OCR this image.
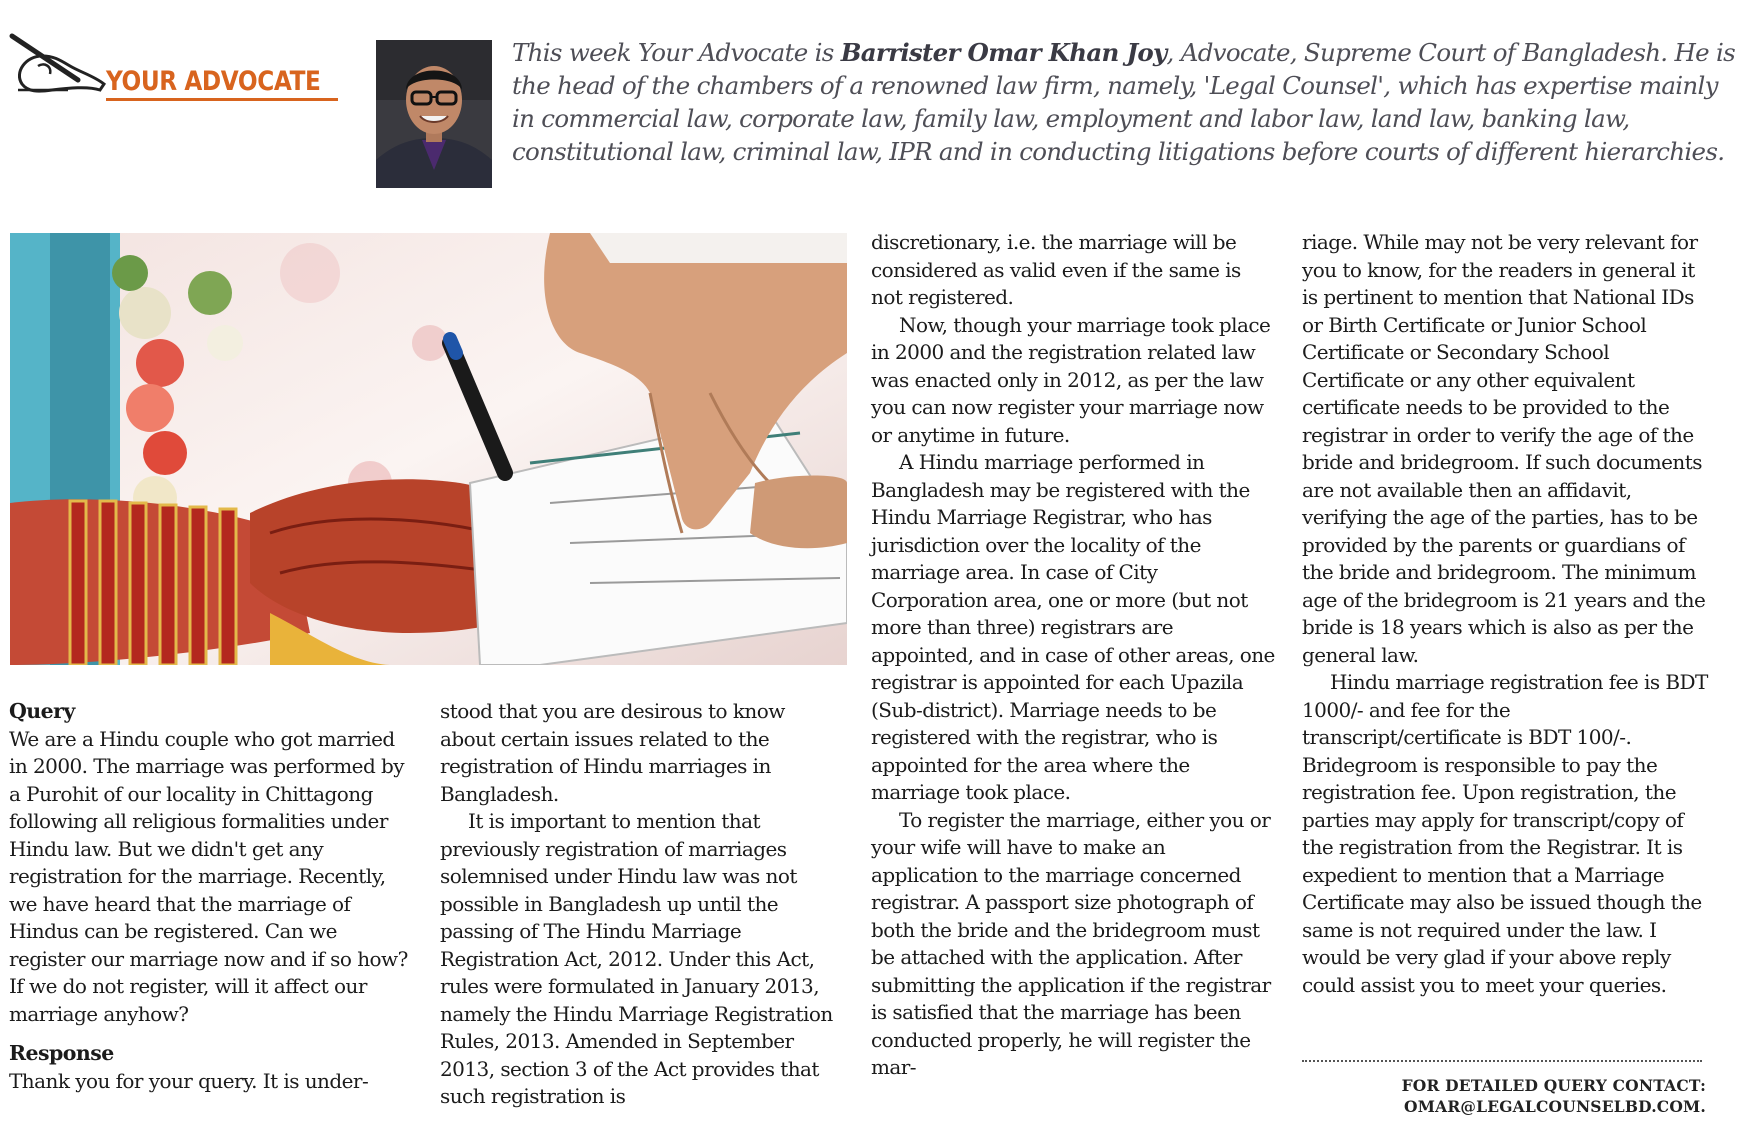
YOUR ADVOCATE
This week Your Advocate is Barrister Omar Khan Joy, Advocate, Supreme Court of Bangladesh. He is the head of the chambers of a renowned law firm, namely, 'Legal Counsel', which has expertise mainly in commercial law, corporate law, family law, employment and labor law, land law, banking law, constitutional law, criminal law, IPR and in conducting litigations before courts of different hierarchies.

Query

We are a Hindu couple who got married in 2000. The marriage was performed by a Purohit of our locality in Chittagong following all religious formalities under Hindu law. But we didn't get any registration for the marriage. Recently, we have heard that the marriage of Hindus can be registered. Can we register our marriage now and if so how? If we do not register, will it affect our marriage anyhow?

Response

Thank you for your query. It is under-

stood that you are desirous to know about certain issues related to the registration of Hindu marriages in Bangladesh.

It is important to mention that previously registration of marriages solemnised under Hindu law was not possible in Bangladesh up until the passing of The Hindu Marriage Registration Act, 2012. Under this Act, rules were formulated in January 2013, namely the Hindu Marriage Registration Rules, 2013. Amended in September 2013, section 3 of the Act provides that such registration is

discretionary, i.e. the marriage will be considered as valid even if the same is not registered.

Now, though your marriage took place in 2000 and the registration related law was enacted only in 2012, as per the law you can now register your marriage now or anytime in future.

A Hindu marriage performed in Bangladesh may be registered with the Hindu Marriage Registrar, who has jurisdiction over the locality of the marriage area. In case of City Corporation area, one or more (but not more than three) registrars are appointed, and in case of other areas, one registrar is appointed for each Upazila (Sub-district). Marriage needs to be registered with the registrar, who is appointed for the area where the marriage took place.

To register the marriage, either you or your wife will have to make an application to the marriage concerned registrar. A passport size photograph of both the bride and the bridegroom must be attached with the application. After submitting the application if the registrar is satisfied that the marriage has been conducted properly, he will register the mar-

riage. While may not be very relevant for you to know, for the readers in general it is pertinent to mention that National IDs or Birth Certificate or Junior School Certificate or Secondary School Certificate or any other equivalent certificate needs to be provided to the registrar in order to verify the age of the bride and bridegroom. If such documents are not available then an affidavit, verifying the age of the parties, has to be provided by the parents or guardians of the bride and bridegroom. The minimum age of the bridegroom is 21 years and the bride is 18 years which is also as per the general law.

Hindu marriage registration fee is BDT 1000/- and fee for the transcript/certificate is BDT 100/-. Bridegroom is responsible to pay the registration fee. Upon registration, the parties may apply for transcript/copy of the registration from the Registrar. It is expedient to mention that a Marriage Certificate may also be issued though the same is not required under the law. I would be very glad if your above reply could assist you to meet your queries.

FOR DETAILED QUERY CONTACT:
OMAR@LEGALCOUNSELBD.COM.
